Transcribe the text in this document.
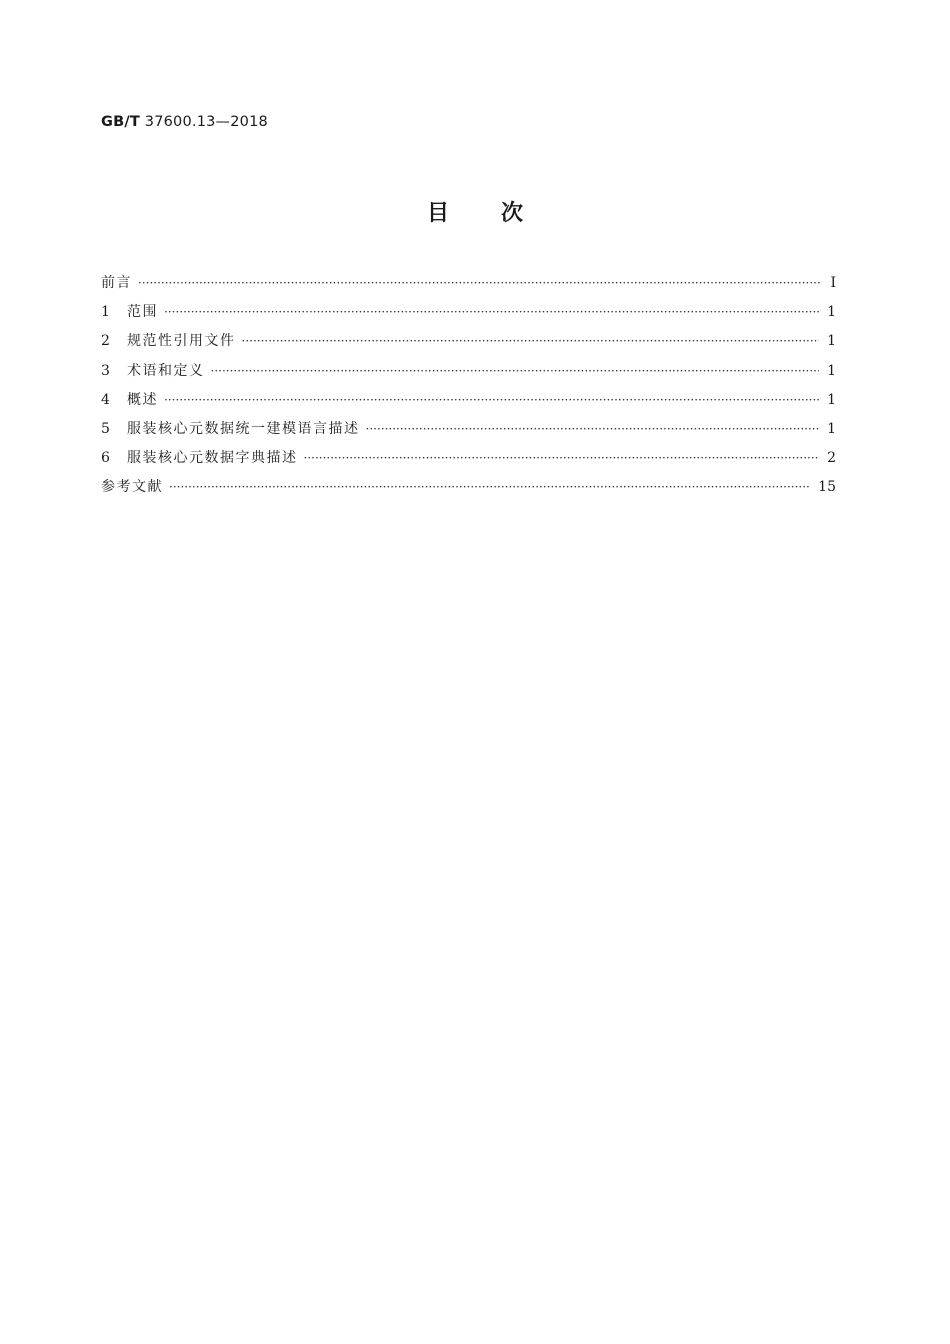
GB/T 37600.13—2018
目次
前言 ·····	Ⅰ
1	范围 ·····	1
2	规范性引用文件 ·····	1
3	术语和定义 ·····	1
4	概述 ·····	1
5	服装核心元数据统一建模语言描述 ·····	1
6	服装核心元数据字典描述 ·····	2
参考文献 ·····	15
